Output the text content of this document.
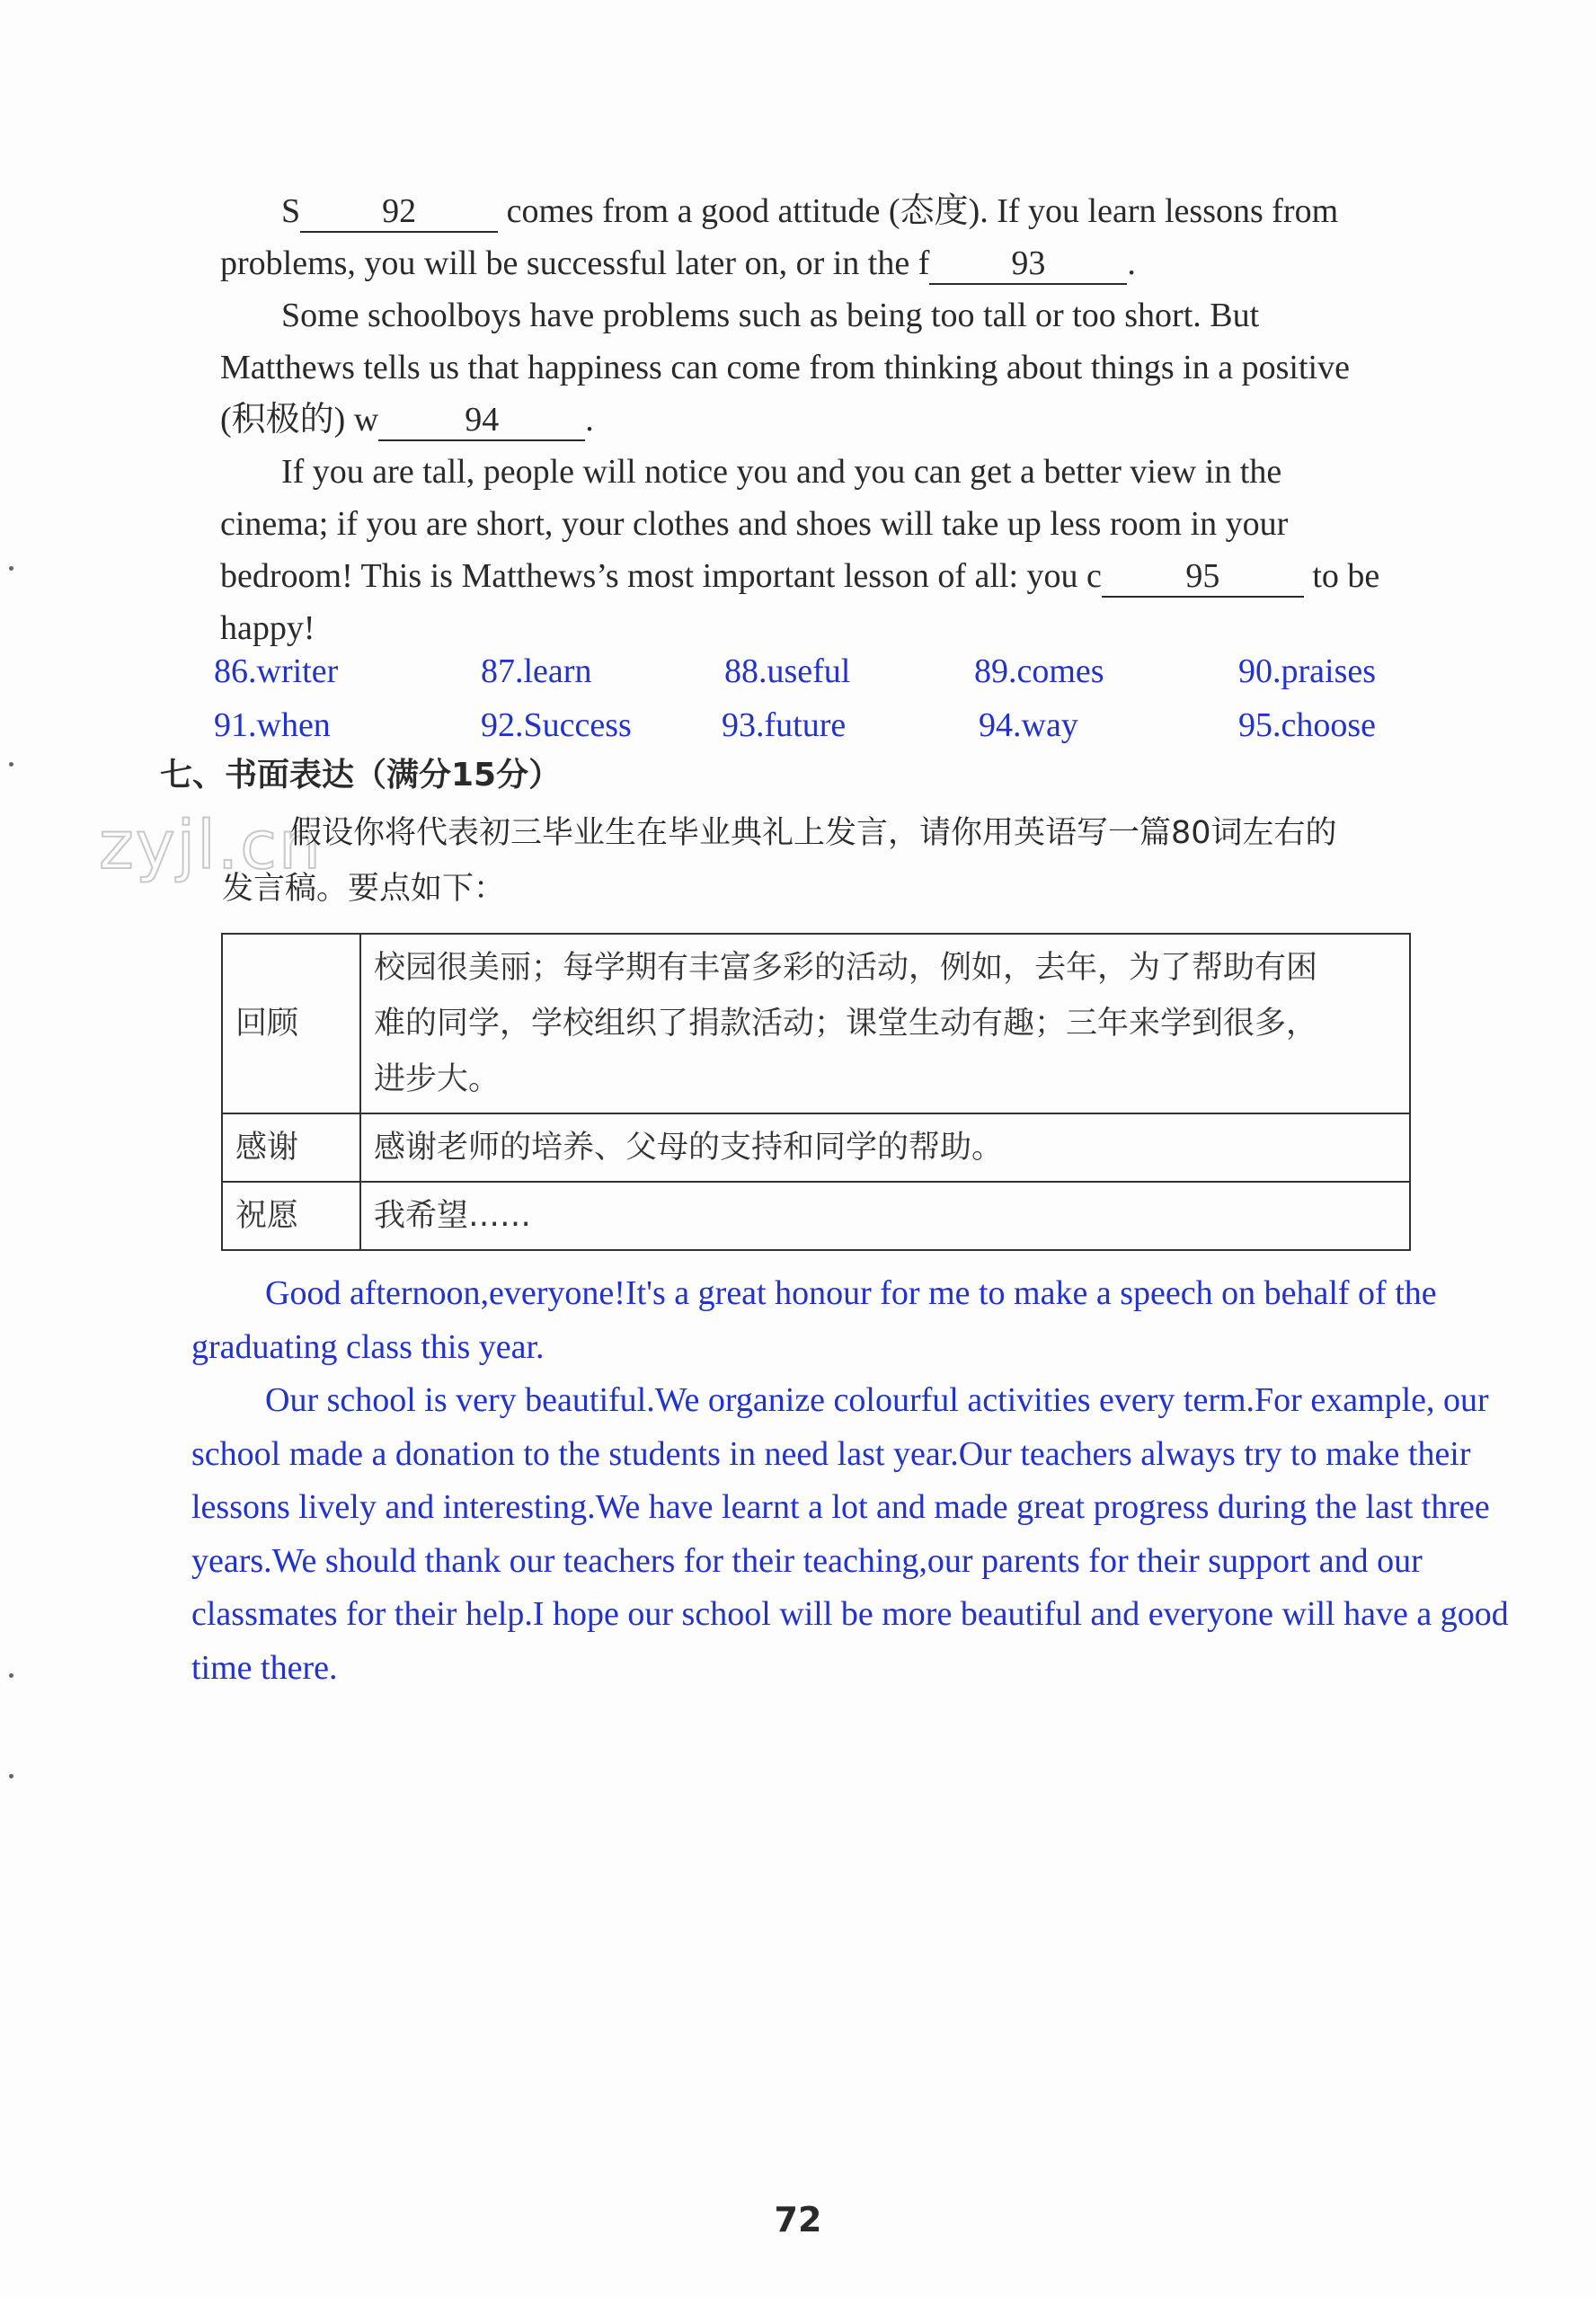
S 92 comes from a good attitude (态度). If you learn lessons from
problems, you will be successful later on, or in the f 93 .
Some schoolboys have problems such as being too tall or too short. But
Matthews tells us that happiness can come from thinking about things in a positive
(积极的) w	94	.
If you are tall, people will notice you and you can get a better view in the
cinema; if you are short, your clothes and shoes will take up less room in your
bedroom! This is Matthews’s most important lesson of all: you c 95 to be
happy!
86.writer	87.learn	88.useful	89.comes	90.praises
91.when	92.Success	93.future	94.way	95.choose
七、书面表达（满分15分）
zyjl.cn
假设你将代表初三毕业生在毕业典礼上发言，请你用英语写一篇80词左右的
发言稿。要点如下：
回顾	校园很美丽；每学期有丰富多彩的活动，例如，去年，为了帮助有困
难的同学，学校组织了捐款活动；课堂生动有趣；三年来学到很多，
进步大。

感谢	感谢老师的培养、父母的支持和同学的帮助。
祝愿	我希望……

Good afternoon,everyone!It's a great honour for me to make a speech on behalf of the graduating class this year.

Our school is very beautiful.We organize colourful activities every term.For example, our school made a donation to the students in need last year.Our teachers always try to make their lessons lively and interesting.We have learnt a lot and made great progress during the last three years.We should thank our teachers for their teaching,our parents for their support and our classmates for their help.I hope our school will be more beautiful and everyone will have a good time there.

72
